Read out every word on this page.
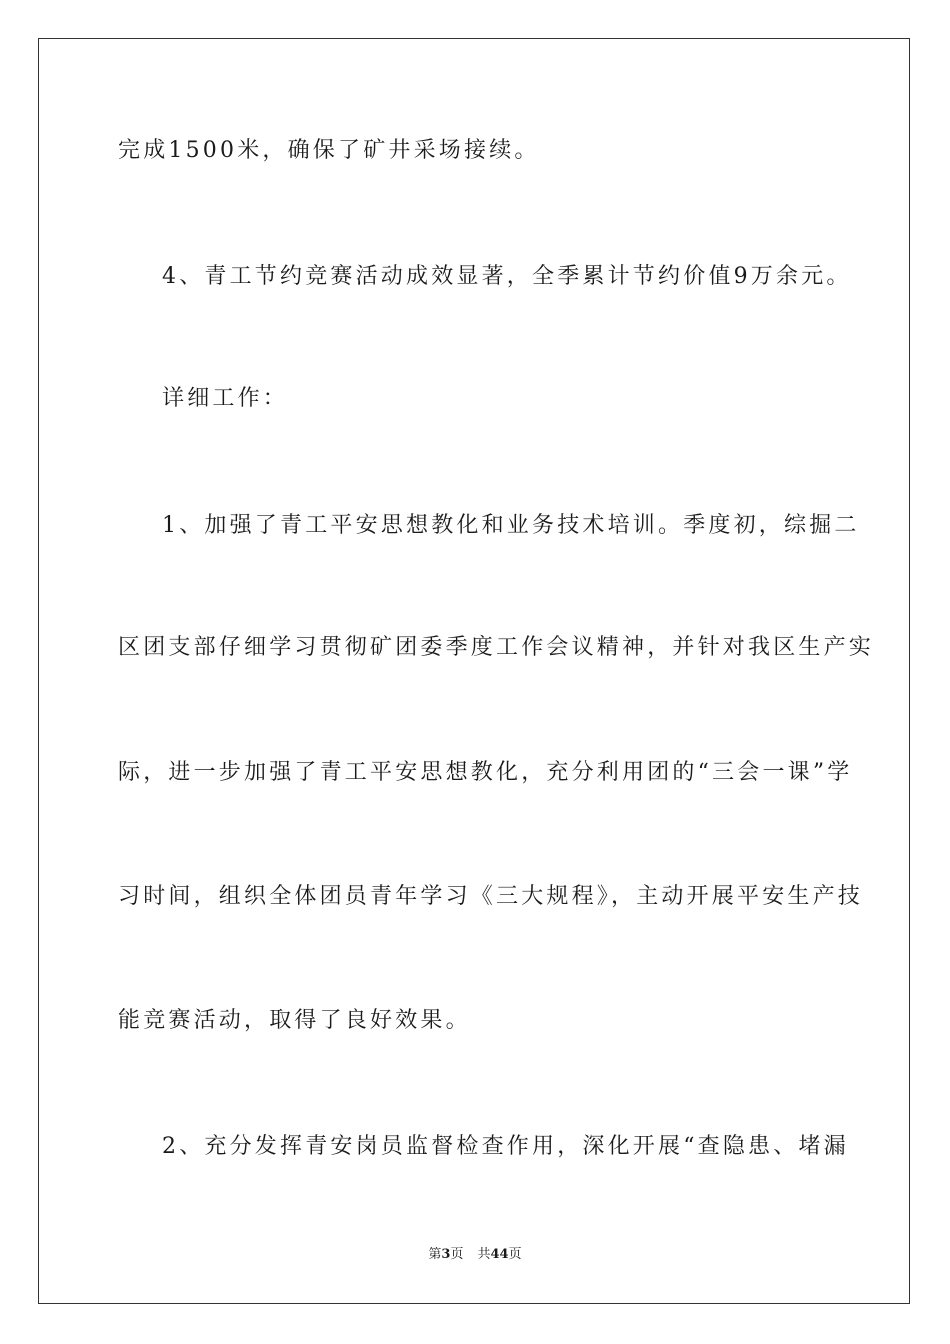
完成1500米，确保了矿井采场接续。
4、青工节约竞赛活动成效显著，全季累计节约价值9万余元。
详细工作：
1、加强了青工平安思想教化和业务技术培训。季度初，综掘二
区团支部仔细学习贯彻矿团委季度工作会议精神，并针对我区生产实
际，进一步加强了青工平安思想教化，充分利用团的“三会一课”学
习时间，组织全体团员青年学习《三大规程》，主动开展平安生产技
能竞赛活动，取得了良好效果。
2、充分发挥青安岗员监督检查作用，深化开展“查隐患、堵漏
第3页 共44页
